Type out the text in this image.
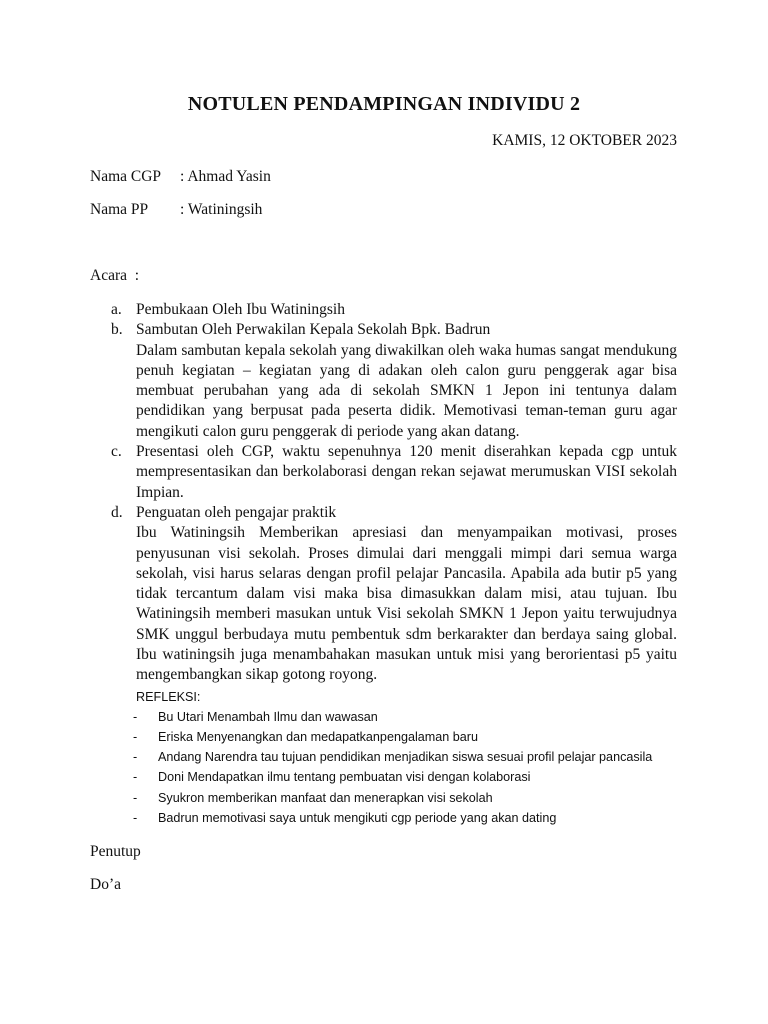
NOTULEN PENDAMPINGAN INDIVIDU 2
KAMIS, 12 OKTOBER 2023
Nama CGP : Ahmad Yasin
Nama PP : Watiningsih
Acara  :
a. Pembukaan Oleh Ibu Watiningsih
b. Sambutan Oleh Perwakilan Kepala Sekolah Bpk. Badrun
Dalam sambutan kepala sekolah yang diwakilkan oleh waka humas sangat mendukung penuh kegiatan – kegiatan yang di adakan oleh calon guru penggerak agar bisa membuat perubahan yang ada di sekolah SMKN 1 Jepon ini tentunya dalam pendidikan yang berpusat pada peserta didik. Memotivasi teman-teman guru agar mengikuti calon guru penggerak di periode yang akan datang.
c. Presentasi oleh CGP, waktu sepenuhnya 120 menit diserahkan kepada cgp untuk mempresentasikan dan berkolaborasi dengan rekan sejawat merumuskan VISI sekolah Impian.
d. Penguatan oleh pengajar praktik
Ibu Watiningsih Memberikan apresiasi dan menyampaikan motivasi, proses penyusunan visi sekolah. Proses dimulai dari menggali mimpi dari semua warga sekolah, visi harus selaras dengan profil pelajar Pancasila. Apabila ada butir p5 yang tidak tercantum dalam visi maka bisa dimasukkan dalam misi, atau tujuan. Ibu Watiningsih memberi masukan untuk Visi sekolah SMKN 1 Jepon yaitu terwujudnya SMK unggul berbudaya mutu pembentuk sdm berkarakter dan berdaya saing global. Ibu watiningsih juga menambahakan masukan untuk misi yang berorientasi p5 yaitu mengembangkan sikap gotong royong.
REFLEKSI:
- Bu Utari Menambah Ilmu dan wawasan
- Eriska Menyenangkan dan medapatkanpengalaman baru
- Andang Narendra tau tujuan pendidikan menjadikan siswa sesuai profil pelajar pancasila
- Doni Mendapatkan ilmu tentang pembuatan visi dengan kolaborasi
- Syukron memberikan manfaat dan menerapkan visi sekolah
- Badrun memotivasi saya untuk mengikuti cgp periode yang akan dating
Penutup
Do’a
